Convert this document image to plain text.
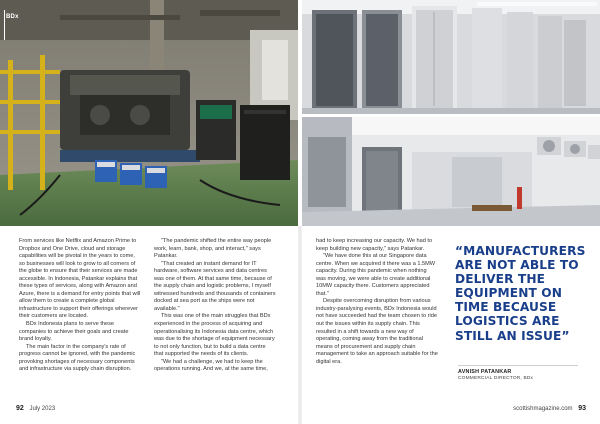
BDx

From services like Netflix and Amazon Prime to Dropbox and One Drive, cloud and storage capabilities will be pivotal in the years to come, so businesses will look to grow to all corners of the globe to ensure that their services are made accessible. In Indonesia, Patankar explains that these types of services, along with Amazon and Azure, there is a demand for entry points that will allow them to create a complete global infrastructure to support their offerings wherever their customers are located.

BDx Indonesia plans to serve these companies to achieve their goals and create brand loyalty.

The main factor in the company's rate of progress cannot be ignored, with the pandemic provoking shortages of necessary components and infrastructure via supply chain disruption.

"The pandemic shifted the entire way people work, learn, bank, shop, and interact," says Patankar.

"That created an instant demand for IT hardware, software services and data centres was one of them. At that same time, because of the supply chain and logistic problems, I myself witnessed hundreds and thousands of containers docked at sea port as the ships were not available."

This was one of the main struggles that BDx experienced in the process of acquiring and operationalising its Indonesia data centre, which was due to the shortage of equipment necessary to not only function, but to build a data centre that supported the needs of its clients.

"We had a challenge, we had to keep the operations running. And we, at the same time,

had to keep increasing our capacity. We had to keep building new capacity," says Patankar.

"We have done this at our Singapore data centre. When we acquired it there was a 1.5MW capacity. During this pandemic when nothing was moving, we were able to create additional 10MW capacity there. Customers appreciated that."

Despite overcoming disruption from various industry-paralysing events, BDx Indonesia would not have succeeded had the team chosen to ride out the issues within its supply chain. This resulted in a shift towards a new way of operating, coming away from the traditional means of procurement and supply chain management to take an approach suitable for the digital era.

“MANUFACTURERS ARE NOT ABLE TO DELIVER THE EQUIPMENT ON TIME BECAUSE LOGISTICS ARE STILL AN ISSUE”
AVNISH PATANKAR
COMMERCIAL DIRECTOR, BDx
92 July 2023	scottishmagazine.com 93
